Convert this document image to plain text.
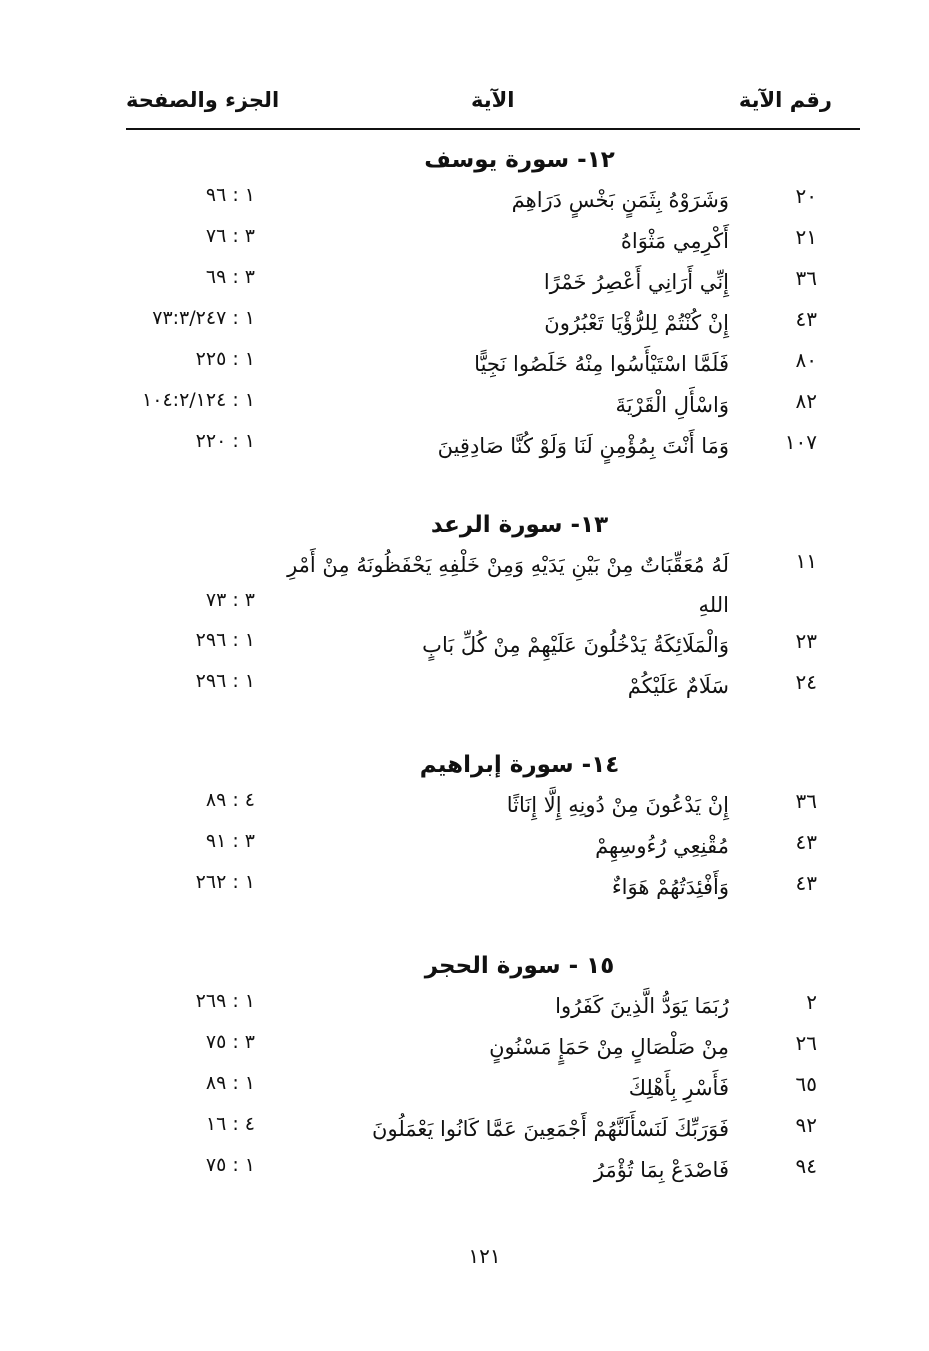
رقم الآية
الآية
الجزء والصفحة
١٢- سورة يوسف
٢٠
وَشَرَوْهُ بِثَمَنٍ بَخْسٍ دَرَاهِمَ
١ : ٩٦
٢١
أَكْرِمِي مَثْوَاهُ
٣ : ٧٦
٣٦
إِنِّي أَرَانِي أَعْصِرُ خَمْرًا
٣ : ٦٩
٤٣
إِنْ كُنْتُمْ لِلرُّؤْيَا تَعْبُرُونَ
١ : ٧٣:٣/٢٤٧
٨٠
فَلَمَّا اسْتَيْأَسُوا مِنْهُ خَلَصُوا نَجِيًّا
١ : ٢٢٥
٨٢
وَاسْأَلِ الْقَرْيَةَ
١ : ١٠٤:٢/١٢٤
١٠٧
وَمَا أَنْتَ بِمُؤْمِنٍ لَنَا وَلَوْ كُنَّا صَادِقِينَ
١ : ٢٢٠
١٣- سورة الرعد
١١
لَهُ مُعَقِّبَاتٌ مِنْ بَيْنِ يَدَيْهِ وَمِنْ خَلْفِهِ يَحْفَظُونَهُ مِنْ أَمْرِ اللهِ
٣ : ٧٣
٢٣
وَالْمَلَائِكَةُ يَدْخُلُونَ عَلَيْهِمْ مِنْ كُلِّ بَابٍ
١ : ٢٩٦
٢٤
سَلَامٌ عَلَيْكُمْ
١ : ٢٩٦
١٤- سورة إبراهيم
٣٦
إِنْ يَدْعُونَ مِنْ دُونِهِ إِلَّا إِنَاثًا
٤ : ٨٩
٤٣
مُقْنِعِي رُءُوسِهِمْ
٣ : ٩١
٤٣
وَأَفْئِدَتُهُمْ هَوَاءٌ
١ : ٢٦٢
١٥ - سورة الحجر
٢
رُبَمَا يَوَدُّ الَّذِينَ كَفَرُوا
١ : ٢٦٩
٢٦
مِنْ صَلْصَالٍ مِنْ حَمَإٍ مَسْنُونٍ
٣ : ٧٥
٦٥
فَأَسْرِ بِأَهْلِكَ
١ : ٨٩
٩٢
فَوَرَبِّكَ لَنَسْأَلَنَّهُمْ أَجْمَعِينَ عَمَّا كَانُوا يَعْمَلُونَ
٤ : ١٦
٩٤
فَاصْدَعْ بِمَا تُؤْمَرُ
١ : ٧٥
١٢١
